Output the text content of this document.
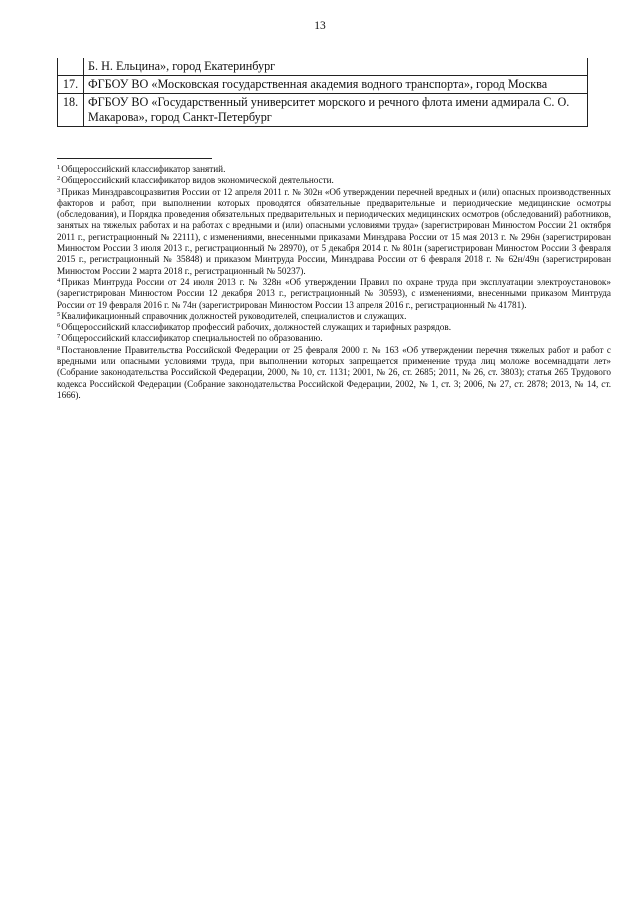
13
	Б. Н. Ельцина», город Екатеринбург
17.	ФГБОУ ВО «Московская государственная академия водного транспорта», город Москва
18.	ФГБОУ ВО «Государственный университет морского и речного флота имени адмирала С. О. Макарова», город Санкт-Петербург

$^1$Общероссийский классификатор занятий.

$^2$Общероссийский классификатор видов экономической деятельности.

$^3$Приказ Минздравсоцразвития России от 12 апреля 2011 г. № 302н «Об утверждении перечней вредных и (или) опасных производственных факторов и работ, при выполнении которых проводятся обязательные предварительные и периодические медицинские осмотры (обследования), и Порядка проведения обязательных предварительных и периодических медицинских осмотров (обследований) работников, занятых на тяжелых работах и на работах с вредными и (или) опасными условиями труда» (зарегистрирован Минюстом России 21 октября 2011 г., регистрационный № 22111), с изменениями, внесенными приказами Минздрава России от 15 мая 2013 г. № 296н (зарегистрирован Минюстом России 3 июля 2013 г., регистрационный № 28970), от 5 декабря 2014 г. № 801н (зарегистрирован Минюстом России 3 февраля 2015 г., регистрационный № 35848) и приказом Минтруда России, Минздрава России от 6 февраля 2018 г. № 62н/49н (зарегистрирован Минюстом России 2 марта 2018 г., регистрационный № 50237).

$^4$Приказ Минтруда России от 24 июля 2013 г. № 328н «Об утверждении Правил по охране труда при эксплуатации электроустановок» (зарегистрирован Минюстом России 12 декабря 2013 г., регистрационный № 30593), с изменениями, внесенными приказом Минтруда России от 19 февраля 2016 г. № 74н (зарегистрирован Минюстом России 13 апреля 2016 г., регистрационный № 41781).

$^5$Квалификационный справочник должностей руководителей, специалистов и служащих.

$^6$Общероссийский классификатор профессий рабочих, должностей служащих и тарифных разрядов.

$^7$Общероссийский классификатор специальностей по образованию.

$^8$Постановление Правительства Российской Федерации от 25 февраля 2000 г. № 163 «Об утверждении перечня тяжелых работ и работ с вредными или опасными условиями труда, при выполнении которых запрещается применение труда лиц моложе восемнадцати лет» (Собрание законодательства Российской Федерации, 2000, № 10, ст. 1131; 2001, № 26, ст. 2685; 2011, № 26, ст. 3803); статья 265 Трудового кодекса Российской Федерации (Собрание законодательства Российской Федерации, 2002, № 1, ст. 3; 2006, № 27, ст. 2878; 2013, № 14, ст. 1666).
